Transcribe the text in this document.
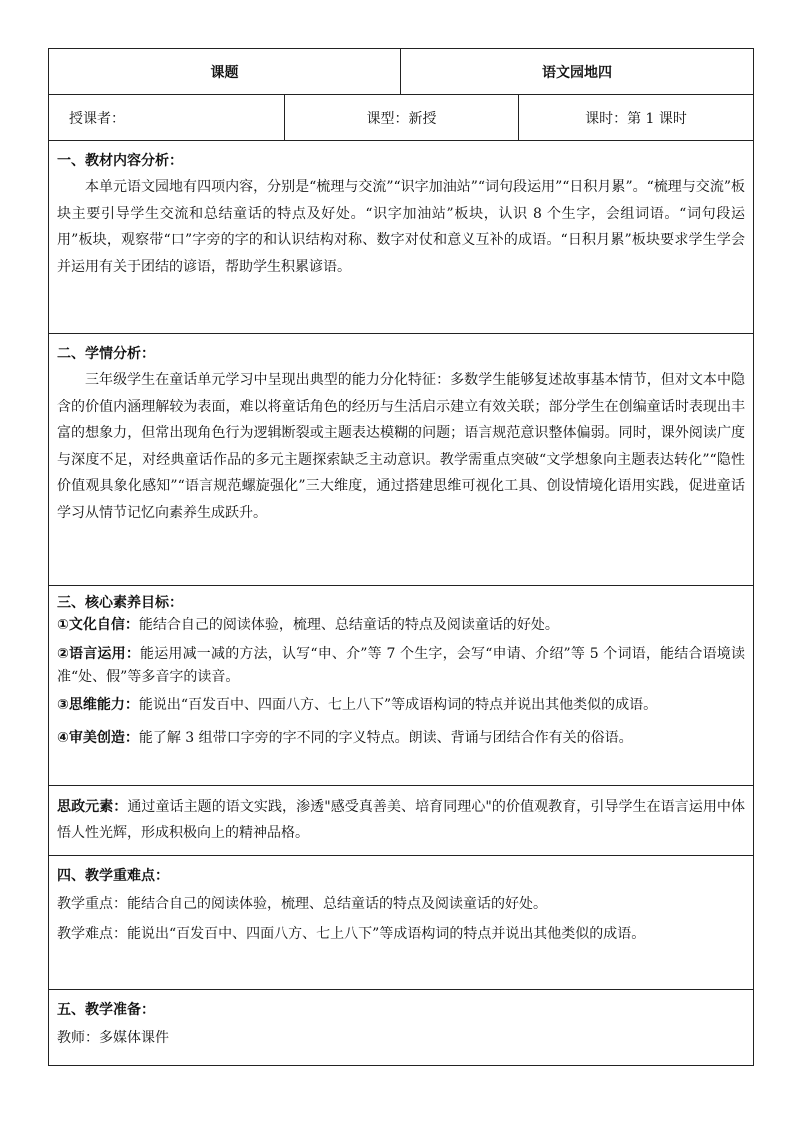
课题	语文园地四
授课者：	课型：新授	课时：第 1 课时
一、教材内容分析：

本单元语文园地有四项内容，分别是“梳理与交流”“识字加油站”“词句段运用”“日积月累”。“梳理与交流”板块主要引导学生交流和总结童话的特点及好处。“识字加油站”板块，认识 8 个生字，会组词语。“词句段运用”板块，观察带“口”字旁的字的和认识结构对称、数字对仗和意义互补的成语。“日积月累”板块要求学生学会并运用有关于团结的谚语，帮助学生积累谚语。

二、学情分析：

三年级学生在童话单元学习中呈现出典型的能力分化特征：多数学生能够复述故事基本情节，但对文本中隐含的价值内涵理解较为表面，难以将童话角色的经历与生活启示建立有效关联；部分学生在创编童话时表现出丰富的想象力，但常出现角色行为逻辑断裂或主题表达模糊的问题；语言规范意识整体偏弱。同时，课外阅读广度与深度不足，对经典童话作品的多元主题探索缺乏主动意识。教学需重点突破“文学想象向主题表达转化”“隐性价值观具象化感知”“语言规范螺旋强化”三大维度，通过搭建思维可视化工具、创设情境化语用实践，促进童话学习从情节记忆向素养生成跃升。

三、核心素养目标：

①文化自信：能结合自己的阅读体验，梳理、总结童话的特点及阅读童话的好处。

②语言运用：能运用减一减的方法，认写“申、介”等 7 个生字，会写“申请、介绍”等 5 个词语，能结合语境读准“处、假”等多音字的读音。

③思维能力：能说出“百发百中、四面八方、七上八下”等成语构词的特点并说出其他类似的成语。

④审美创造：能了解 3 组带口字旁的字不同的字义特点。朗读、背诵与团结合作有关的俗语。

思政元素：通过童话主题的语文实践，渗透"感受真善美、培育同理心"的价值观教育，引导学生在语言运用中体悟人性光辉，形成积极向上的精神品格。

四、教学重难点：

教学重点：能结合自己的阅读体验，梳理、总结童话的特点及阅读童话的好处。

教学难点：能说出“百发百中、四面八方、七上八下”等成语构词的特点并说出其他类似的成语。

五、教学准备：

教师：多媒体课件
